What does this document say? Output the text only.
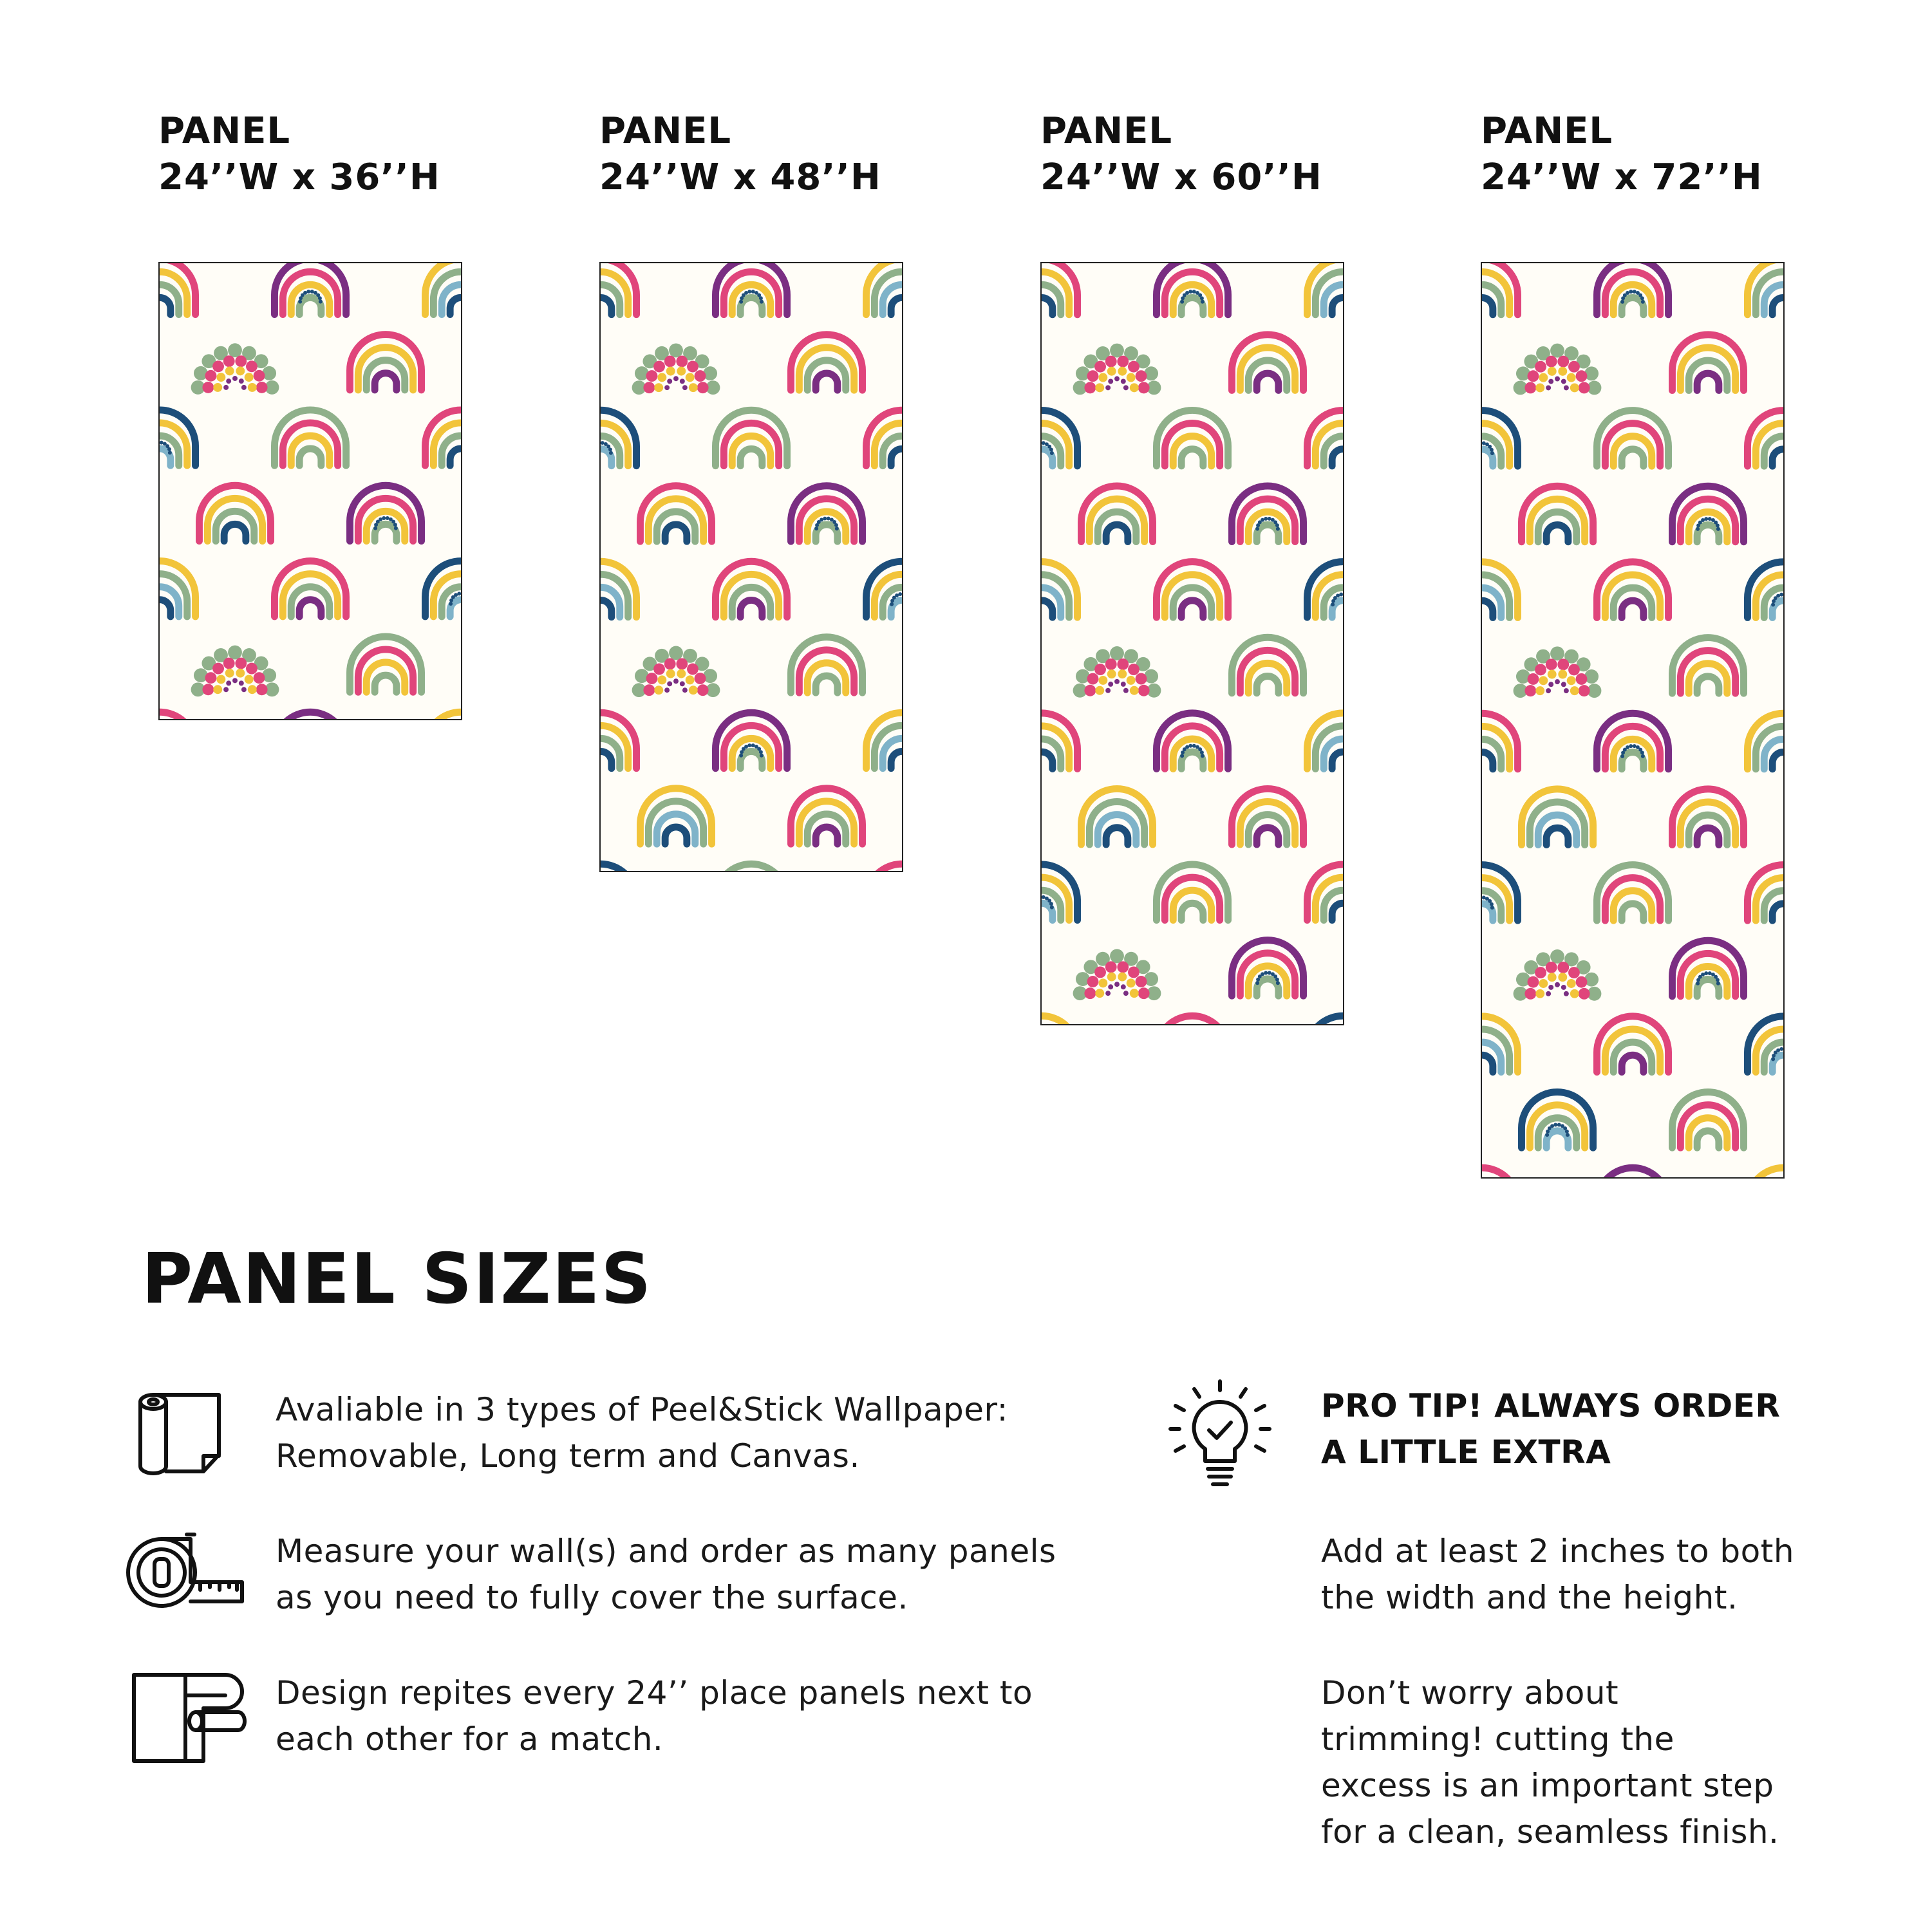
PANEL
24’’W x 36’’H
PANEL
24’’W x 48’’H
PANEL
24’’W x 60’’H
PANEL
24’’W x 72’’H
PANEL SIZES
Avaliable in 3 types of Peel&Stick Wallpaper:
Removable, Long term and Canvas.
Measure your wall(s) and order as many panels
as you need to fully cover the surface.
Design repites every 24’’ place panels next to
each other for a match.
PRO TIP! ALWAYS ORDER
A LITTLE EXTRA
Add at least 2 inches to both
the width and the height.
Don’t worry about
trimming! cutting the
excess is an important step
for a clean, seamless finish.
